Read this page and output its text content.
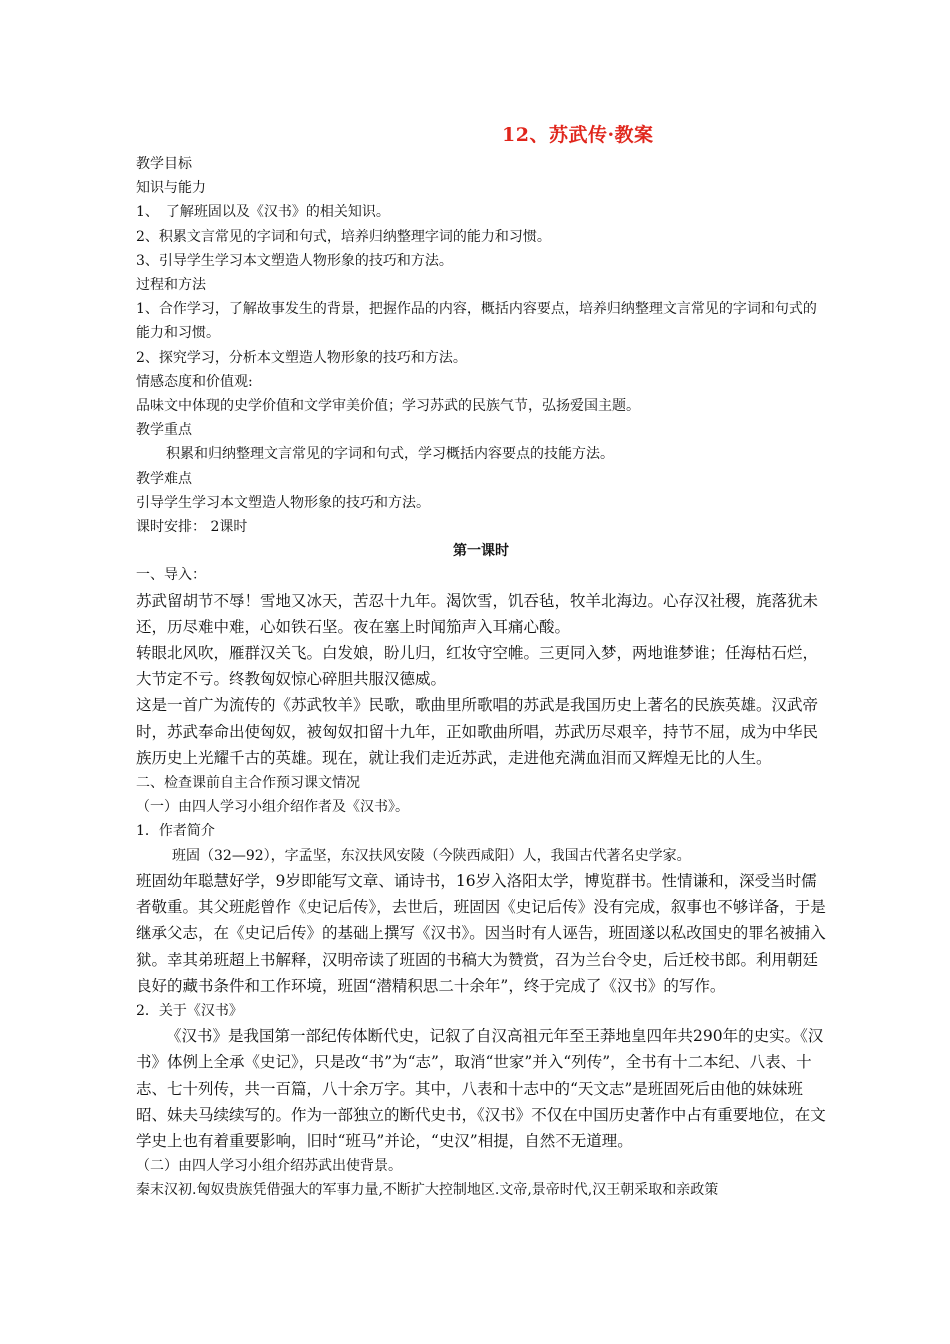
12、苏武传·教案

教学目标

知识与能力

1、　了解班固以及《汉书》的相关知识。

2、积累文言常见的字词和句式，培养归纳整理字词的能力和习惯。

3、引导学生学习本文塑造人物形象的技巧和方法。

过程和方法

1、合作学习，了解故事发生的背景，把握作品的内容，概括内容要点，培养归纳整理文言常见的字词和句式的能力和习惯。

2、探究学习，分析本文塑造人物形象的技巧和方法。

情感态度和价值观:

品味文中体现的史学价值和文学审美价值；学习苏武的民族气节，弘扬爱国主题。

教学重点

积累和归纳整理文言常见的字词和句式，学习概括内容要点的技能方法。

教学难点

引导学生学习本文塑造人物形象的技巧和方法。

课时安排： 2课时

第一课时

一、导入：

苏武留胡节不辱！雪地又冰天，苦忍十九年。渴饮雪，饥吞毡，牧羊北海边。心存汉社稷，旄落犹未还，历尽难中难，心如铁石坚。夜在塞上时闻笳声入耳痛心酸。

转眼北风吹，雁群汉关飞。白发娘，盼儿归，红妆守空帷。三更同入梦，两地谁梦谁；任海枯石烂，大节定不亏。终教匈奴惊心碎胆共服汉德威。

这是一首广为流传的《苏武牧羊》民歌，歌曲里所歌唱的苏武是我国历史上著名的民族英雄。汉武帝时，苏武奉命出使匈奴，被匈奴扣留十九年，正如歌曲所唱，苏武历尽艰辛，持节不屈，成为中华民族历史上光耀千古的英雄。现在，就让我们走近苏武，走进他充满血泪而又辉煌无比的人生。

二、检查课前自主合作预习课文情况

（一）由四人学习小组介绍作者及《汉书》。

1．作者简介

班固（32—92），字孟坚，东汉扶风安陵（今陕西咸阳）人，我国古代著名史学家。

班固幼年聪慧好学，9岁即能写文章、诵诗书，16岁入洛阳太学，博览群书。性情谦和，深受当时儒者敬重。其父班彪曾作《史记后传》，去世后，班固因《史记后传》没有完成，叙事也不够详备，于是继承父志，在《史记后传》的基础上撰写《汉书》。因当时有人诬告，班固遂以私改国史的罪名被捕入狱。幸其弟班超上书解释，汉明帝读了班固的书稿大为赞赏，召为兰台令史，后迁校书郎。利用朝廷良好的藏书条件和工作环境，班固“潜精积思二十余年”，终于完成了《汉书》的写作。

2．关于《汉书》

《汉书》是我国第一部纪传体断代史，记叙了自汉高祖元年至王莽地皇四年共290年的史实。《汉书》体例上全承《史记》，只是改“书”为“志”，取消“世家”并入“列传”，全书有十二本纪、八表、十志、七十列传，共一百篇，八十余万字。其中，八表和十志中的“天文志”是班固死后由他的妹妹班昭、妹夫马续续写的。作为一部独立的断代史书，《汉书》不仅在中国历史著作中占有重要地位，在文学史上也有着重要影响，旧时“班马”并论，“史汉”相提，自然不无道理。

（二）由四人学习小组介绍苏武出使背景。

秦末汉初.匈奴贵族凭借强大的军事力量,不断扩大控制地区.文帝,景帝时代,汉王朝采取和亲政策
